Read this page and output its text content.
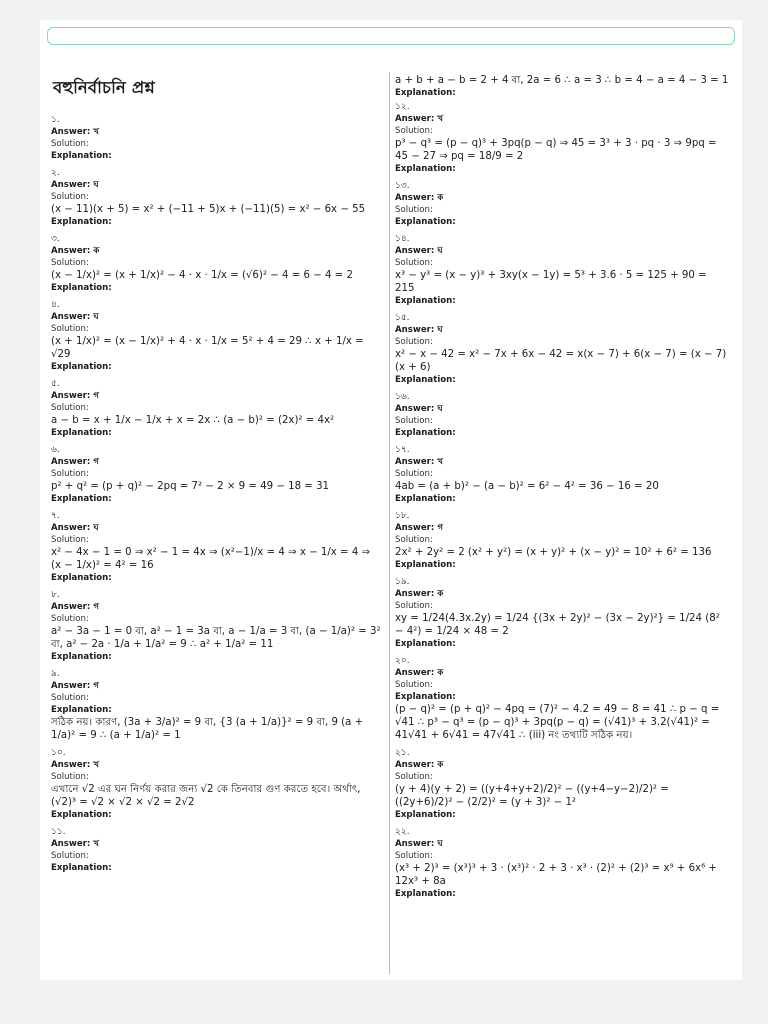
বহুনির্বাচনি প্রশ্ন
১.
Answer: খ
Solution:
Explanation:
২.
Answer: ঘ
Solution:
(x − 11)(x + 5) = x² + (−11 + 5)x + (−11)(5) = x² − 6x − 55
Explanation:
৩.
Answer: ক
Solution:
(x − 1/x)² = (x + 1/x)² − 4 · x · 1/x = (√6)² − 4 = 6 − 4 = 2
Explanation:
৪.
Answer: ঘ
Solution:
(x + 1/x)² = (x − 1/x)² + 4 · x · 1/x = 5² + 4 = 29 ∴ x + 1/x = √29
Explanation:
৫.
Answer: গ
Solution:
a − b = x + 1/x − 1/x + x = 2x ∴ (a − b)² = (2x)² = 4x²
Explanation:
৬.
Answer: গ
Solution:
p² + q² = (p + q)² − 2pq = 7² − 2 × 9 = 49 − 18 = 31
Explanation:
৭.
Answer: ঘ
Solution:
x² − 4x − 1 = 0 ⇒ x² − 1 = 4x ⇒ (x²−1)/x = 4 ⇒ x − 1/x = 4 ⇒ (x − 1/x)² = 4² = 16
Explanation:
৮.
Answer: গ
Solution:
a² − 3a − 1 = 0 বা, a² − 1 = 3a বা, a − 1/a = 3 বা, (a − 1/a)² = 3² বা, a² − 2a · 1/a + 1/a² = 9 ∴ a² + 1/a² = 11
Explanation:
৯.
Answer: গ
Solution:
Explanation:
সঠিক নয়। কারণ, (3a + 3/a)² = 9 বা, {3 (a + 1/a)}² = 9 বা, 9 (a + 1/a)² = 9 ∴ (a + 1/a)² = 1
১০.
Answer: খ
Solution:
এখানে √2 এর ঘন নির্ণয় করার জন্য √2 কে তিনবার গুণ করতে হবে। অর্থাৎ, (√2)³ = √2 × √2 × √2 = 2√2
Explanation:
১১.
Answer: খ
Solution:
Explanation:
a + b + a − b = 2 + 4 বা, 2a = 6 ∴ a = 3 ∴ b = 4 − a = 4 − 3 = 1
Explanation:
১২.
Answer: খ
Solution:
p³ − q³ = (p − q)³ + 3pq(p − q) ⇒ 45 = 3³ + 3 · pq · 3 ⇒ 9pq = 45 − 27 ⇒ pq = 18/9 = 2
Explanation:
১৩.
Answer: ক
Solution:
Explanation:
১৪.
Answer: ঘ
Solution:
x³ − y³ = (x − y)³ + 3xy(x − 1y) = 5³ + 3.6 · 5 = 125 + 90 = 215
Explanation:
১৫.
Answer: ঘ
Solution:
x² − x − 42 = x² − 7x + 6x − 42 = x(x − 7) + 6(x − 7) = (x − 7)(x + 6)
Explanation:
১৬.
Answer: ঘ
Solution:
Explanation:
১৭.
Answer: খ
Solution:
4ab = (a + b)² − (a − b)² = 6² − 4² = 36 − 16 = 20
Explanation:
১৮.
Answer: গ
Solution:
2x² + 2y² = 2 (x² + y²) = (x + y)² + (x − y)² = 10² + 6² = 136
Explanation:
১৯.
Answer: ক
Solution:
xy = 1/24(4.3x.2y) = 1/24 {(3x + 2y)² − (3x − 2y)²} = 1/24 (8² − 4²) = 1/24 × 48 = 2
Explanation:
২০.
Answer: ক
Solution:
Explanation:
(p − q)² = (p + q)² − 4pq = (7)² − 4.2 = 49 − 8 = 41 ∴ p − q = √41 ∴ p³ − q³ = (p − q)³ + 3pq(p − q) = (√41)³ + 3.2(√41)² = 41√41 + 6√41 = 47√41 ∴ (iii) নং তথ্যটি সঠিক নয়।
২১.
Answer: ক
Solution:
(y + 4)(y + 2) = ((y+4+y+2)/2)² − ((y+4−y−2)/2)² = ((2y+6)/2)² − (2/2)² = (y + 3)² − 1²
Explanation:
২২.
Answer: ঘ
Solution:
(x³ + 2)³ = (x³)³ + 3 · (x³)² · 2 + 3 · x³ · (2)² + (2)³ = x⁹ + 6x⁶ + 12x³ + 8a
Explanation:
